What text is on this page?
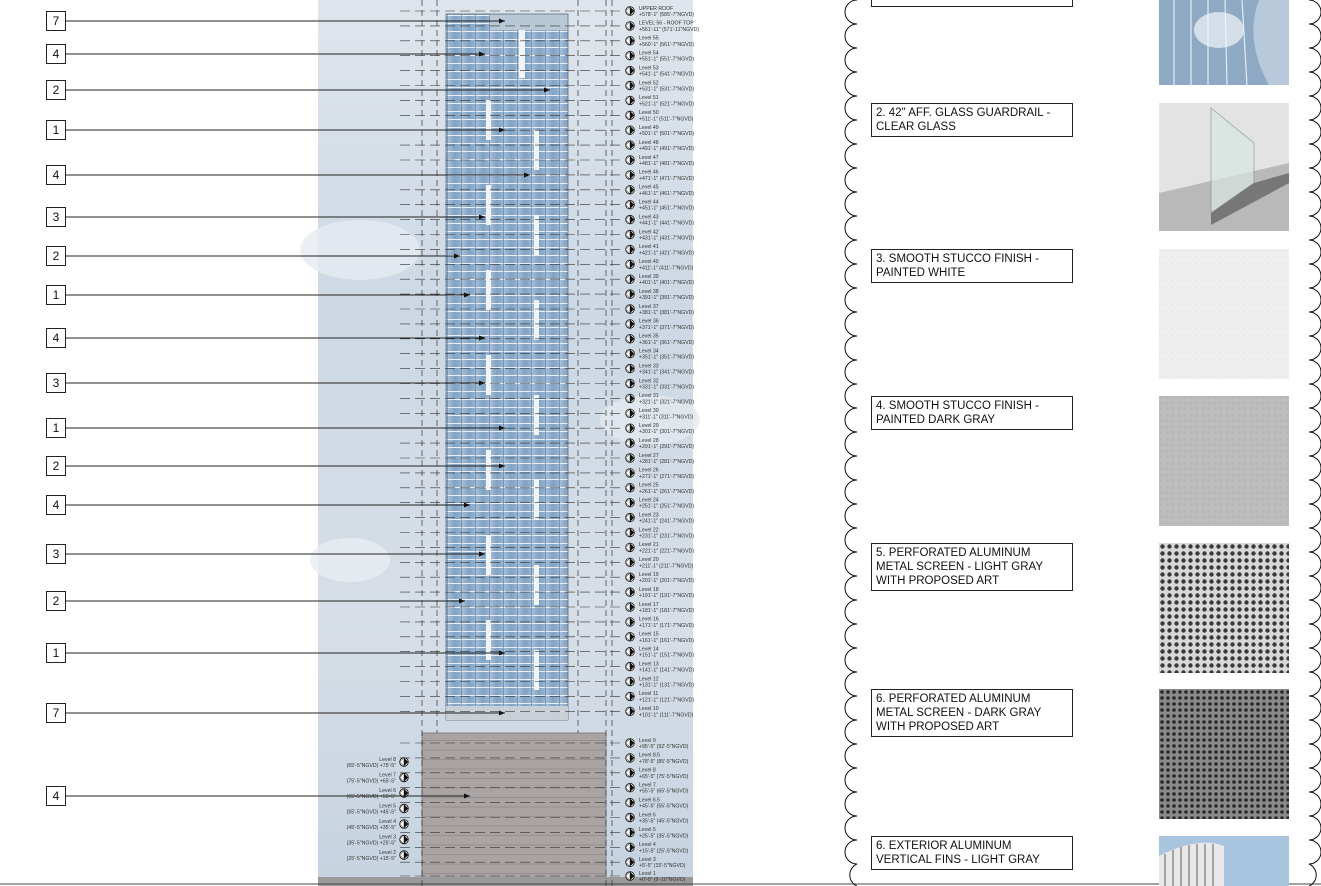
UPPER ROOF
+578'-1" (585'-7"NGVD)
LEVEL 56 - ROOF TOP
+561'-11" (571'-11"NGVD)
Level 55
+560'-1" (561'-7"NGVD)
Level 54
+551'-1" (551'-7"NGVD)
Level 53
+541'-1" (541'-7"NGVD)
Level 52
+531'-1" (531'-7"NGVD)
Level 51
+521'-1" (521'-7"NGVD)
Level 50
+511'-1" (511'-7"NGVD)
Level 49
+501'-1" (501'-7"NGVD)
Level 48
+491'-1" (491'-7"NGVD)
Level 47
+481'-1" (481'-7"NGVD)
Level 46
+471'-1" (471'-7"NGVD)
Level 45
+461'-1" (461'-7"NGVD)
Level 44
+451'-1" (451'-7"NGVD)
Level 43
+441'-1" (441'-7"NGVD)
Level 42
+431'-1" (431'-7"NGVD)
Level 41
+421'-1" (421'-7"NGVD)
Level 40
+411'-1" (411'-7"NGVD)
Level 39
+401'-1" (401'-7"NGVD)
Level 38
+391'-1" (391'-7"NGVD)
Level 37
+381'-1" (381'-7"NGVD)
Level 36
+371'-1" (371'-7"NGVD)
Level 35
+361'-1" (361'-7"NGVD)
Level 34
+351'-1" (351'-7"NGVD)
Level 33
+341'-1" (341'-7"NGVD)
Level 32
+331'-1" (331'-7"NGVD)
Level 31
+321'-1" (321'-7"NGVD)
Level 30
+311'-1" (311'-7"NGVD)
Level 29
+301'-1" (301'-7"NGVD)
Level 28
+291'-1" (291'-7"NGVD)
Level 27
+281'-1" (281'-7"NGVD)
Level 26
+271'-1" (271'-7"NGVD)
Level 25
+261'-1" (261'-7"NGVD)
Level 24
+251'-1" (251'-7"NGVD)
Level 23
+241'-1" (241'-7"NGVD)
Level 22
+231'-1" (231'-7"NGVD)
Level 21
+221'-1" (221'-7"NGVD)
Level 20
+211'-1" (211'-7"NGVD)
Level 19
+201'-1" (201'-7"NGVD)
Level 18
+191'-1" (191'-7"NGVD)
Level 17
+181'-1" (181'-7"NGVD)
Level 16
+171'-1" (171'-7"NGVD)
Level 15
+161'-1" (161'-7"NGVD)
Level 14
+151'-1" (151'-7"NGVD)
Level 13
+141'-1" (141'-7"NGVD)
Level 12
+131'-1" (131'-7"NGVD)
Level 11
+121'-1" (121'-7"NGVD)
Level 10
+101'-1" (111'-7"NGVD)
Level 9
+95'-5" (92'-5"NGVD)
Level 8.5
+78'-5" (85'-5"NGVD)
Level 8
+65'-5" (75'-5"NGVD)
Level 7
+55'-5" (65'-5"NGVD)
Level 6.5
+45'-5" (55'-5"NGVD)
Level 6
+35'-5" (45'-5"NGVD)
Level 5
+25'-5" (35'-5"NGVD)
Level 4
+15'-5" (25'-5"NGVD)
Level 3
+5'-5" (15'-5"NGVD)
Level 8
(65'-5"NGVD) +75'-5"
Level 7
(75'-5"NGVD) +65'-5"
Level 6
(65'-5"NGVD) +55'-5"
Level 5
(55'-5"NGVD) +45'-5"
Level 4
(45'-5"NGVD) +35'-5"
Level 3
(35'-5"NGVD) +25'-5"
Level 2
(25'-5"NGVD) +15'-5"
Level 1
+0'-0" (9'-10"NGVD)
7
4
2
1
4
3
2
1
4
3
1
2
4
3
2
1
7
4
2. 42" AFF. GLASS GUARDRAIL - CLEAR GLASS
3. SMOOTH STUCCO FINISH - PAINTED WHITE
4. SMOOTH STUCCO FINISH - PAINTED DARK GRAY
5. PERFORATED ALUMINUM METAL SCREEN - LIGHT GRAY WITH PROPOSED ART
6. PERFORATED ALUMINUM METAL SCREEN - DARK GRAY WITH PROPOSED ART
6. EXTERIOR ALUMINUM VERTICAL FINS - LIGHT GRAY
